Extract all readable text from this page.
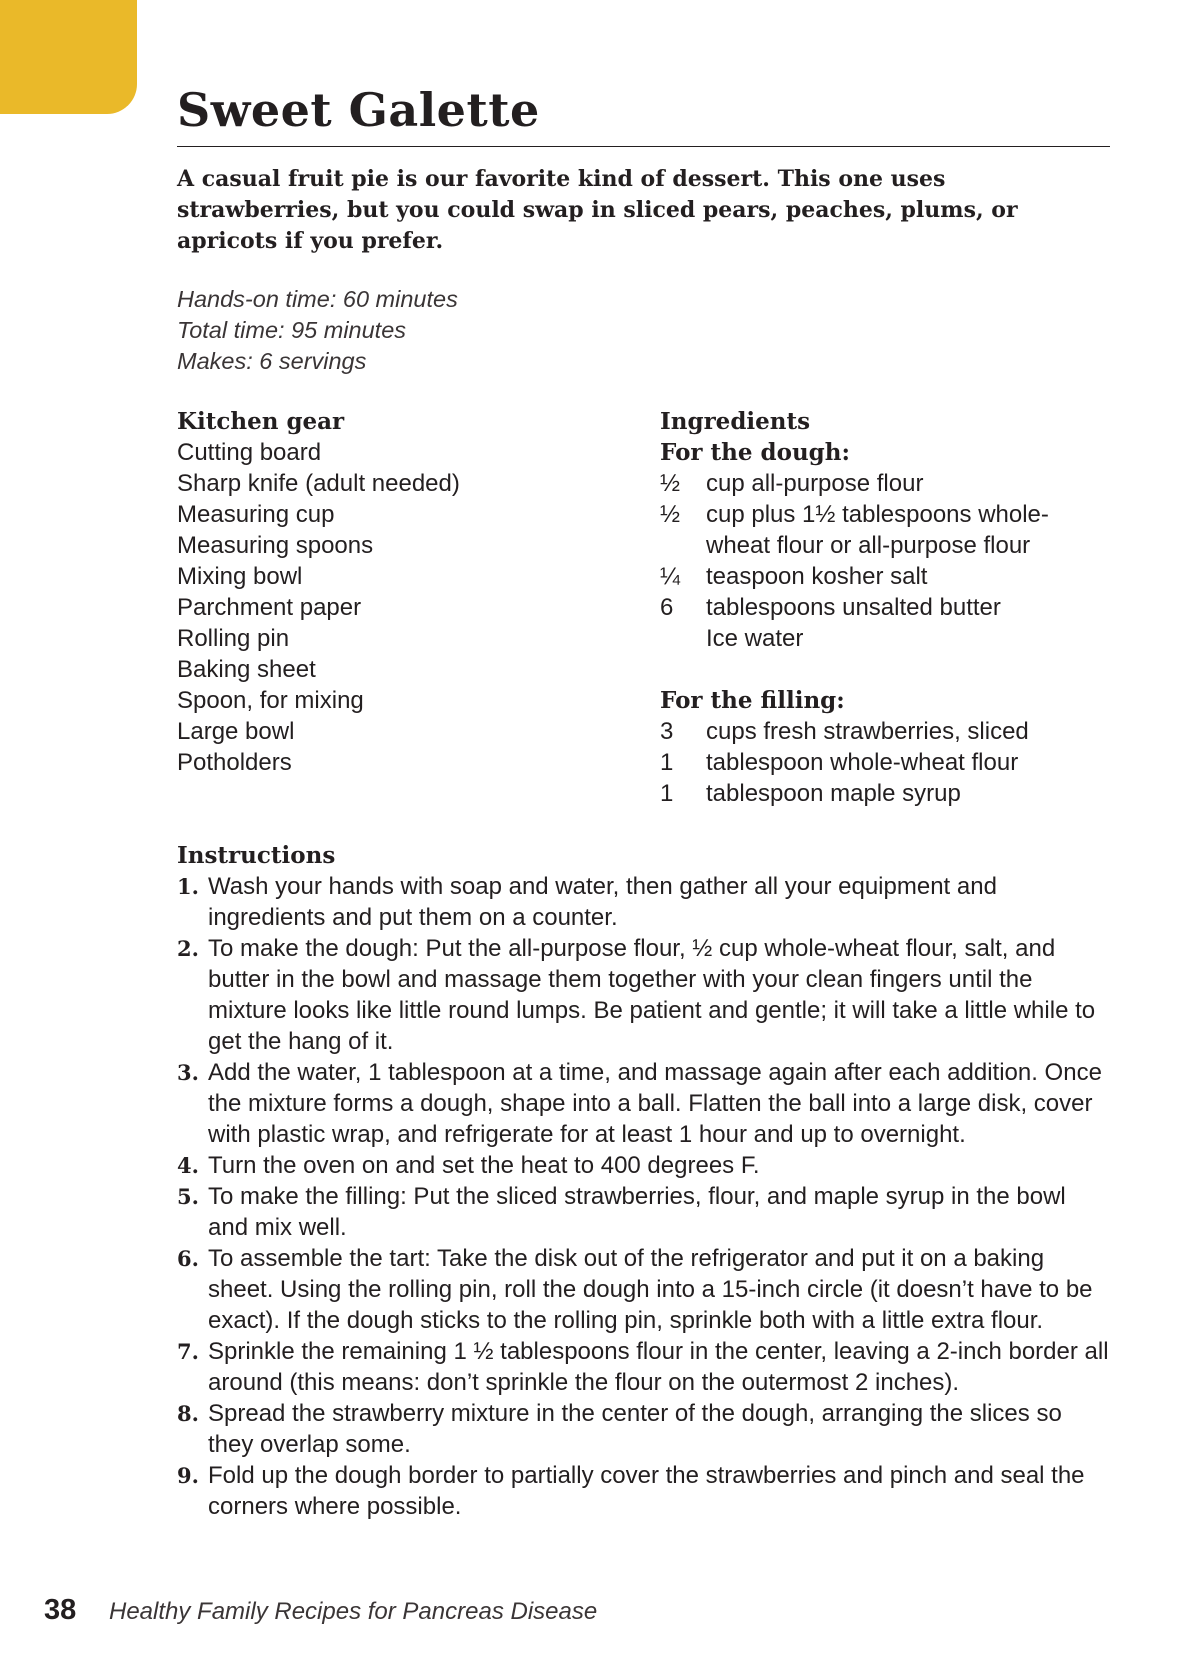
Sweet Galette

A casual fruit pie is our favorite kind of dessert. This one uses strawberries, but you could swap in sliced pears, peaches, plums, or apricots if you prefer.

Hands-on time: 60 minutes
Total time: 95 minutes
Makes: 6 servings
Kitchen gear
Cutting board
Sharp knife (adult needed)
Measuring cup
Measuring spoons
Mixing bowl
Parchment paper
Rolling pin
Baking sheet
Spoon, for mixing
Large bowl
Potholders
Ingredients
For the dough:
½	cup all-purpose flour
½	cup plus 1½ tablespoons whole-wheat flour or all-purpose flour
¼	teaspoon kosher salt
6	tablespoons unsalted butter
Ice water
For the filling:
3	cups fresh strawberries, sliced
1	tablespoon whole-wheat flour
1	tablespoon maple syrup
Instructions
1. Wash your hands with soap and water, then gather all your equipment and ingredients and put them on a counter.
2. To make the dough: Put the all-purpose flour, ½ cup whole-wheat flour, salt, and butter in the bowl and massage them together with your clean fingers until the mixture looks like little round lumps. Be patient and gentle; it will take a little while to get the hang of it.
3. Add the water, 1 tablespoon at a time, and massage again after each addition. Once the mixture forms a dough, shape into a ball. Flatten the ball into a large disk, cover with plastic wrap, and refrigerate for at least 1 hour and up to overnight.
4. Turn the oven on and set the heat to 400 degrees F.
5. To make the filling: Put the sliced strawberries, flour, and maple syrup in the bowl and mix well.
6. To assemble the tart: Take the disk out of the refrigerator and put it on a baking sheet. Using the rolling pin, roll the dough into a 15-inch circle (it doesn’t have to be exact). If the dough sticks to the rolling pin, sprinkle both with a little extra flour.
7. Sprinkle the remaining 1 ½ tablespoons flour in the center, leaving a 2-inch border all around (this means: don’t sprinkle the flour on the outermost 2 inches).
8. Spread the strawberry mixture in the center of the dough, arranging the slices so they overlap some.
9. Fold up the dough border to partially cover the strawberries and pinch and seal the corners where possible.
38	Healthy Family Recipes for Pancreas Disease
